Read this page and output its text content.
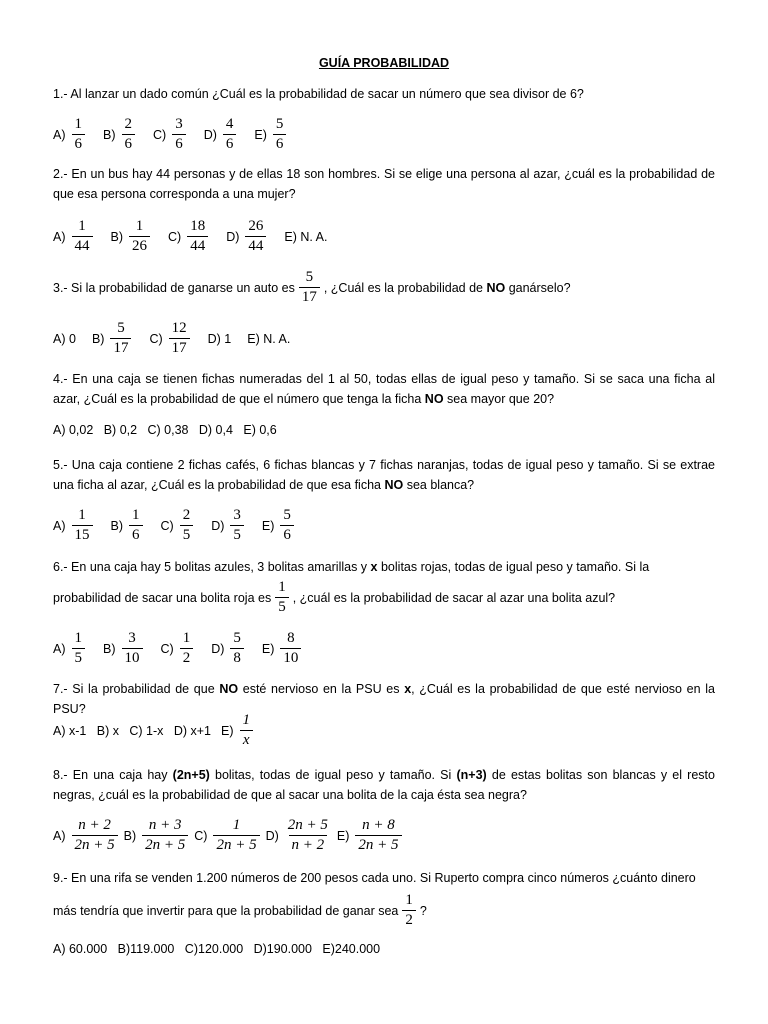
GUÍA PROBABILIDAD
1.- Al lanzar un dado común ¿Cuál es la probabilidad de sacar un número que sea divisor de 6?
$A) \frac{1}{6} B) \frac{2}{6} C) \frac{3}{6} D) \frac{4}{6} E) \frac{5}{6}$
2.- En un bus hay 44 personas y de ellas 18 son hombres. Si se elige una persona al azar, ¿cuál es la probabilidad de que esa persona corresponda a una mujer?
$A) \frac{1}{44} B) \frac{1}{26} C) \frac{18}{44} D) \frac{26}{44} E$) N. A.
3.- Si la probabilidad de ganarse un auto es $\frac{5}{17}$ , ¿Cuál es la probabilidad de
NO
ganárselo?
A) 0 $B) \frac{5}{17} C) \frac{12}{17} D$) 1 E) N. A.
4.- En una caja se tienen fichas numeradas del 1 al 50, todas ellas de igual peso y tamaño. Si se saca una ficha al azar, ¿Cuál es la probabilidad de que el número que tenga la ficha NO sea mayor que 20?
A) 0,02   B) 0,2   C) 0,38   D) 0,4   E) 0,6
5.- Una caja contiene 2 fichas cafés, 6 fichas blancas y 7 fichas naranjas, todas de igual peso y tamaño. Si se extrae una ficha al azar, ¿Cuál es la probabilidad de que esa ficha NO sea blanca?
$A) \frac{1}{15} B) \frac{1}{6} C) \frac{2}{5} D) \frac{3}{5} E) \frac{5}{6}$
6.- En una caja hay 5 bolitas azules, 3 bolitas amarillas y x bolitas rojas, todas de igual peso y tamaño. Si la
probabilidad de sacar una bolita roja es $\frac{1}{5}$ , ¿cuál es la probabilidad de sacar al azar una bolita azul?
$A) \frac{1}{5} B) \frac{3}{10} C) \frac{1}{2} D) \frac{5}{8} E) \frac{8}{10}$
7.- Si la probabilidad de que NO esté nervioso en la PSU es x, ¿Cuál es la probabilidad de que esté nervioso en la PSU?
A) x-1   B) x   C) 1-x   D) x+1 $E) \frac{1}{x}$
8.- En una caja hay (2n+5) bolitas, todas de igual peso y tamaño. Si (n+3) de estas bolitas son blancas y el resto negras, ¿cuál es la probabilidad de que al sacar una bolita de la caja ésta sea negra?
$A) \frac{n + 2}{2n + 5} B) \frac{n + 3}{2n + 5} C) \frac{1}{2n + 5} D) \frac{2n + 5}{n + 2} E) \frac{n + 8}{2n + 5}$
9.- En una rifa se venden 1.200 números de 200 pesos cada uno. Si Ruperto compra cinco números ¿cuánto dinero
más tendría que invertir para que la probabilidad de ganar sea $\frac{1}{2}$ ?
A) 60.000   B)119.000   C)120.000   D)190.000   E)240.000
